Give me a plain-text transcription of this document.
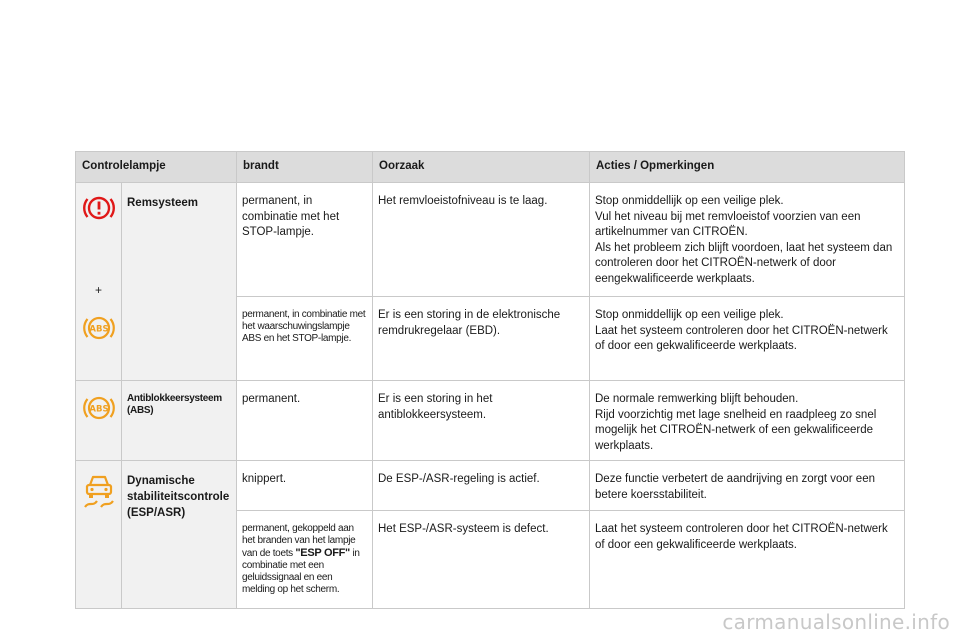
Controlelampje		brandt	Oorzaak	Acties / Opmerkingen

+
ABS	Remsysteem	permanent, in combinatie met het STOP-lampje.	Het remvloeistofniveau is te laag.	Stop onmiddellijk op een veilige plek.
Vul het niveau bij met remvloeistof voorzien van een artikelnummer van CITROËN.
Als het probleem zich blijft voordoen, laat het systeem dan controleren door het CITROËN-netwerk of door eengekwalificeerde werkplaats.

		permanent, in combinatie met het waarschuwingslampje ABS en het STOP-lampje.	Er is een storing in de elektronische remdrukregelaar (EBD).	Stop onmiddellijk op een veilige plek.
Laat het systeem controleren door het CITROËN-netwerk of door een gekwalificeerde werkplaats.

ABS	Antiblokkeersysteem (ABS)	permanent.	Er is een storing in het antiblokkeersysteem.	De normale remwerking blijft behouden.
Rijd voorzichtig met lage snelheid en raadpleeg zo snel mogelijk het CITROËN-netwerk of een gekwalificeerde werkplaats.

	Dynamische stabiliteitscontrole (ESP/ASR)	knippert.	De ESP-/ASR-regeling is actief.	Deze functie verbetert de aandrijving en zorgt voor een betere koersstabiliteit.
		permanent, gekoppeld aan het branden van het lampje van de toets "ESP OFF" in combinatie met een geluidssignaal en een melding op het scherm.	Het ESP-/ASR-systeem is defect.	Laat het systeem controleren door het CITROËN-netwerk of door een gekwalificeerde werkplaats.
carmanualsonline.info
